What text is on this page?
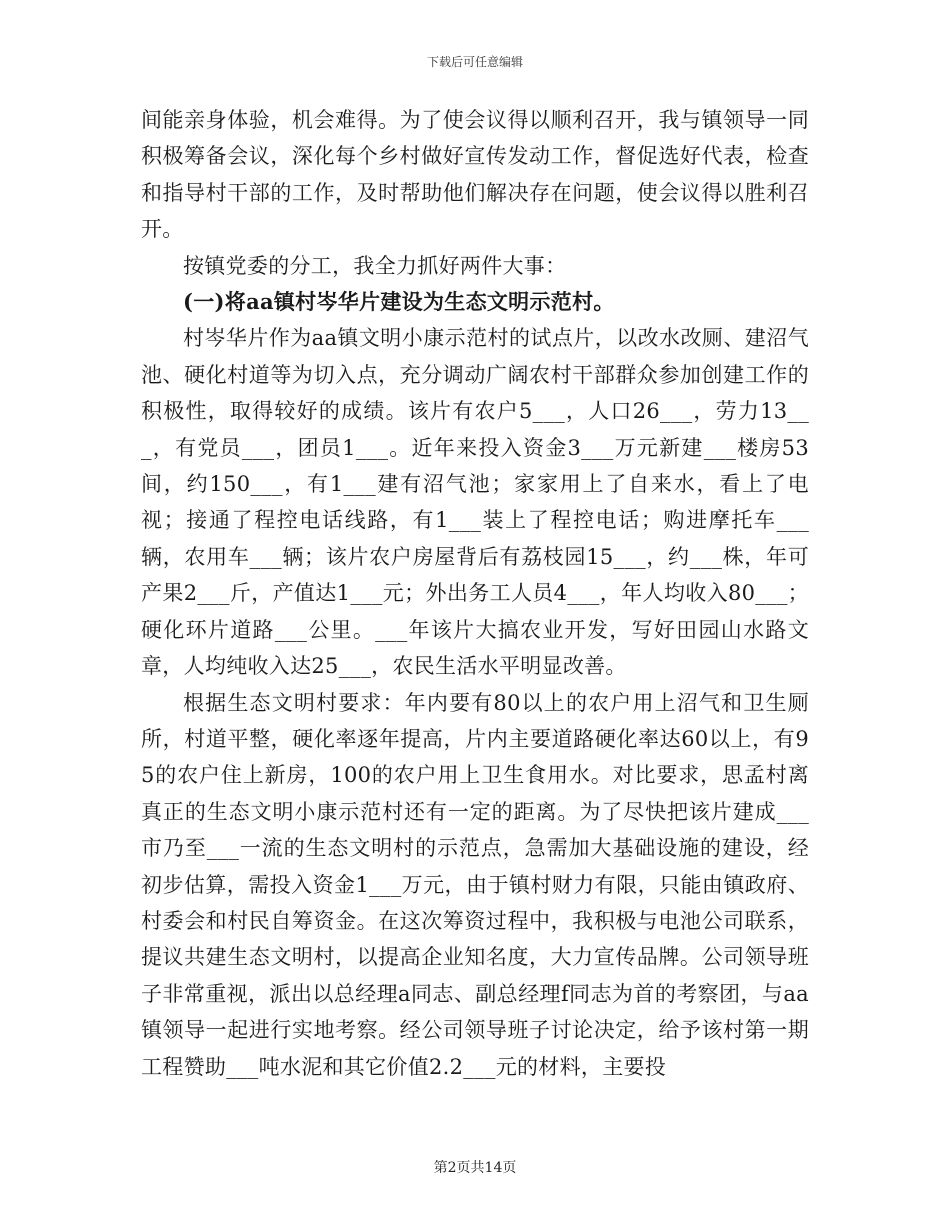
下载后可任意编辑

间能亲身体验，机会难得。为了使会议得以顺利召开，我与镇领导一同积极筹备会议，深化每个乡村做好宣传发动工作，督促选好代表，检查和指导村干部的工作，及时帮助他们解决存在问题，使会议得以胜利召开。

按镇党委的分工，我全力抓好两件大事：

(一)将aa镇村岑华片建设为生态文明示范村。

村岑华片作为aa镇文明小康示范村的试点片，以改水改厕、建沼气池、硬化村道等为切入点，充分调动广阔农村干部群众参加创建工作的积极性，取得较好的成绩。该片有农户5___，人口26___，劳力13___，有党员___，团员1___。近年来投入资金3___万元新建___楼房53间，约150___，有1___建有沼气池；家家用上了自来水，看上了电视；接通了程控电话线路，有1___装上了程控电话；购进摩托车___辆，农用车___辆；该片农户房屋背后有荔枝园15___，约___株，年可产果2___斤，产值达1___元；外出务工人员4___，年人均收入80___；硬化环片道路___公里。___年该片大搞农业开发，写好田园山水路文章，人均纯收入达25___，农民生活水平明显改善。

根据生态文明村要求：年内要有80以上的农户用上沼气和卫生厕所，村道平整，硬化率逐年提高，片内主要道路硬化率达60以上，有95的农户住上新房，100的农户用上卫生食用水。对比要求，思孟村离真正的生态文明小康示范村还有一定的距离。为了尽快把该片建成___市乃至___一流的生态文明村的示范点，急需加大基础设施的建设，经初步估算，需投入资金1___万元，由于镇村财力有限，只能由镇政府、村委会和村民自筹资金。在这次筹资过程中，我积极与电池公司联系，提议共建生态文明村，以提高企业知名度，大力宣传品牌。公司领导班子非常重视，派出以总经理a同志、副总经理f同志为首的考察团，与aa镇领导一起进行实地考察。经公司领导班子讨论决定，给予该村第一期工程赞助___吨水泥和其它价值2.2___元的材料，主要投

第2页共14页
